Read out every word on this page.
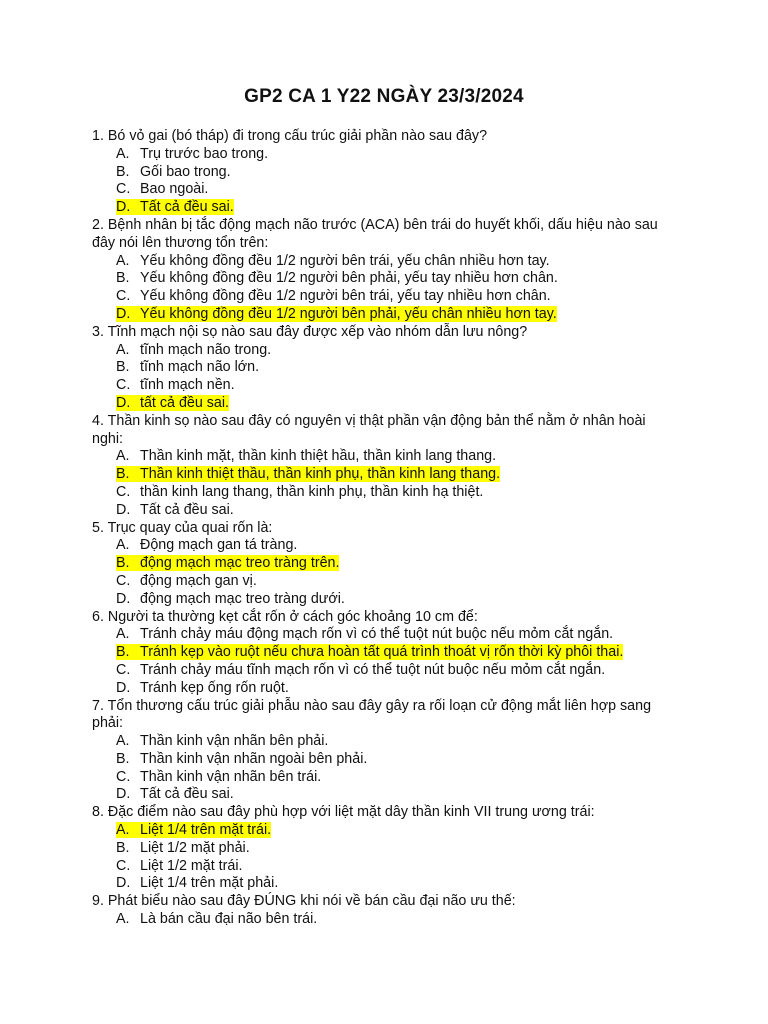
GP2 CA 1 Y22 NGÀY 23/3/2024

1. Bó vỏ gai (bó tháp) đi trong cấu trúc giải phần nào sau đây?

A. Trụ trước bao trong.
B. Gối bao trong.
C. Bao ngoài.
D. Tất cả đều sai.

2. Bệnh nhân bị tắc động mạch não trước (ACA) bên trái do huyết khối, dấu hiệu nào sau đây nói lên thương tổn trên:

A. Yếu không đồng đều 1/2 người bên trái, yếu chân nhiều hơn tay.
B. Yếu không đồng đều 1/2 người bên phải, yếu tay nhiều hơn chân.
C. Yếu không đồng đều 1/2 người bên trái, yếu tay nhiều hơn chân.
D. Yếu không đồng đều 1/2 người bên phải, yếu chân nhiều hơn tay.

3. Tĩnh mạch nội sọ nào sau đây được xếp vào nhóm dẫn lưu nông?

A. tĩnh mạch não trong.
B. tĩnh mạch não lớn.
C. tĩnh mạch nền.
D. tất cả đều sai.

4. Thần kinh sọ nào sau đây có nguyên vị thật phần vận động bản thể nằm ở nhân hoài nghi:

A. Thần kinh mặt, thần kinh thiệt hầu, thần kinh lang thang.
B. Thần kinh thiệt thầu, thần kinh phụ, thần kinh lang thang.
C. thần kinh lang thang, thần kinh phụ, thần kinh hạ thiệt.
D. Tất cả đều sai.

5. Trục quay của quai rốn là:

A. Động mạch gan tá tràng.
B. động mạch mạc treo tràng trên.
C. động mạch gan vị.
D. động mạch mạc treo tràng dưới.

6. Người ta thường kẹt cắt rốn ở cách góc khoảng 10 cm để:

A. Tránh chảy máu động mạch rốn vì có thể tuột nút buộc nếu mỏm cắt ngắn.
B. Tránh kẹp vào ruột nếu chưa hoàn tất quá trình thoát vị rốn thời kỳ phôi thai.
C. Tránh chảy máu tĩnh mạch rốn vì có thể tuột nút buộc nếu mỏm cắt ngắn.
D. Tránh kẹp ống rốn ruột.

7. Tổn thương cấu trúc giải phẫu nào sau đây gây ra rối loạn cử động mắt liên hợp sang phải:

A. Thần kinh vận nhãn bên phải.
B. Thần kinh vận nhãn ngoài bên phải.
C. Thần kinh vận nhãn bên trái.
D. Tất cả đều sai.

8. Đặc điểm nào sau đây phù hợp với liệt mặt dây thần kinh VII trung ương trái:

A. Liệt 1/4 trên mặt trái.
B. Liệt 1/2 mặt phải.
C. Liệt 1/2 mặt trái.
D. Liệt 1/4 trên mặt phải.

9. Phát biểu nào sau đây ĐÚNG khi nói về bán cầu đại não ưu thế:

A. Là bán cầu đại não bên trái.
